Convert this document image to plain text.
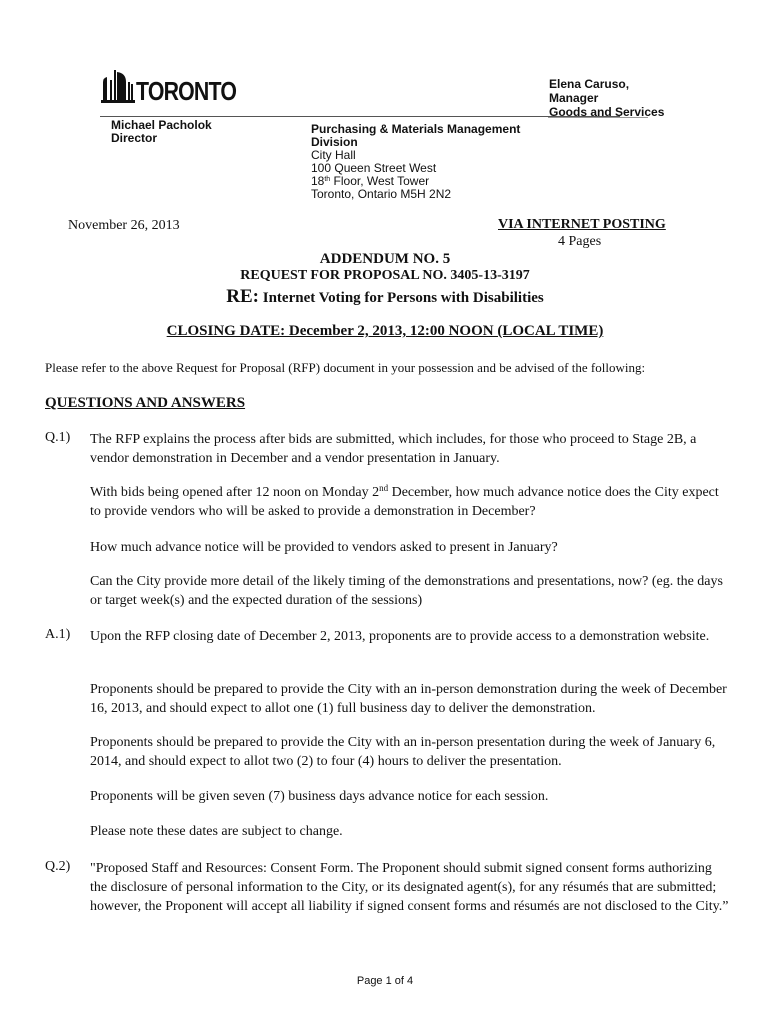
TORONTO	Elena Caruso,
Manager
Goods and Services
Michael Pacholok
Director
Purchasing & Materials Management
Division
City Hall
100 Queen Street West
18th Floor, West Tower
Toronto, Ontario M5H 2N2
November 26, 2013	VIA INTERNET POSTING
4 Pages
ADDENDUM NO. 5
REQUEST FOR PROPOSAL NO. 3405-13-3197
RE: Internet Voting for Persons with Disabilities
CLOSING DATE: December 2, 2013, 12:00 NOON (LOCAL TIME)
Please refer to the above Request for Proposal (RFP) document in your possession and be advised of the following:
QUESTIONS AND ANSWERS
Q.1) The RFP explains the process after bids are submitted, which includes, for those who proceed to Stage 2B, a vendor demonstration in December and a vendor presentation in January.
With bids being opened after 12 noon on Monday 2nd December, how much advance notice does the City expect to provide vendors who will be asked to provide a demonstration in December?
How much advance notice will be provided to vendors asked to present in January?
Can the City provide more detail of the likely timing of the demonstrations and presentations, now? (eg. the days or target week(s) and the expected duration of the sessions)
A.1) Upon the RFP closing date of December 2, 2013, proponents are to provide access to a demonstration website.
Proponents should be prepared to provide the City with an in-person demonstration during the week of December 16, 2013, and should expect to allot one (1) full business day to deliver the demonstration.
Proponents should be prepared to provide the City with an in-person presentation during the week of January 6, 2014, and should expect to allot two (2) to four (4) hours to deliver the presentation.
Proponents will be given seven (7) business days advance notice for each session.
Please note these dates are subject to change.
Q.2) "Proposed Staff and Resources: Consent Form. The Proponent should submit signed consent forms authorizing the disclosure of personal information to the City, or its designated agent(s), for any résumés that are submitted; however, the Proponent will accept all liability if signed consent forms and résumés are not disclosed to the City.”
Page 1 of 4
